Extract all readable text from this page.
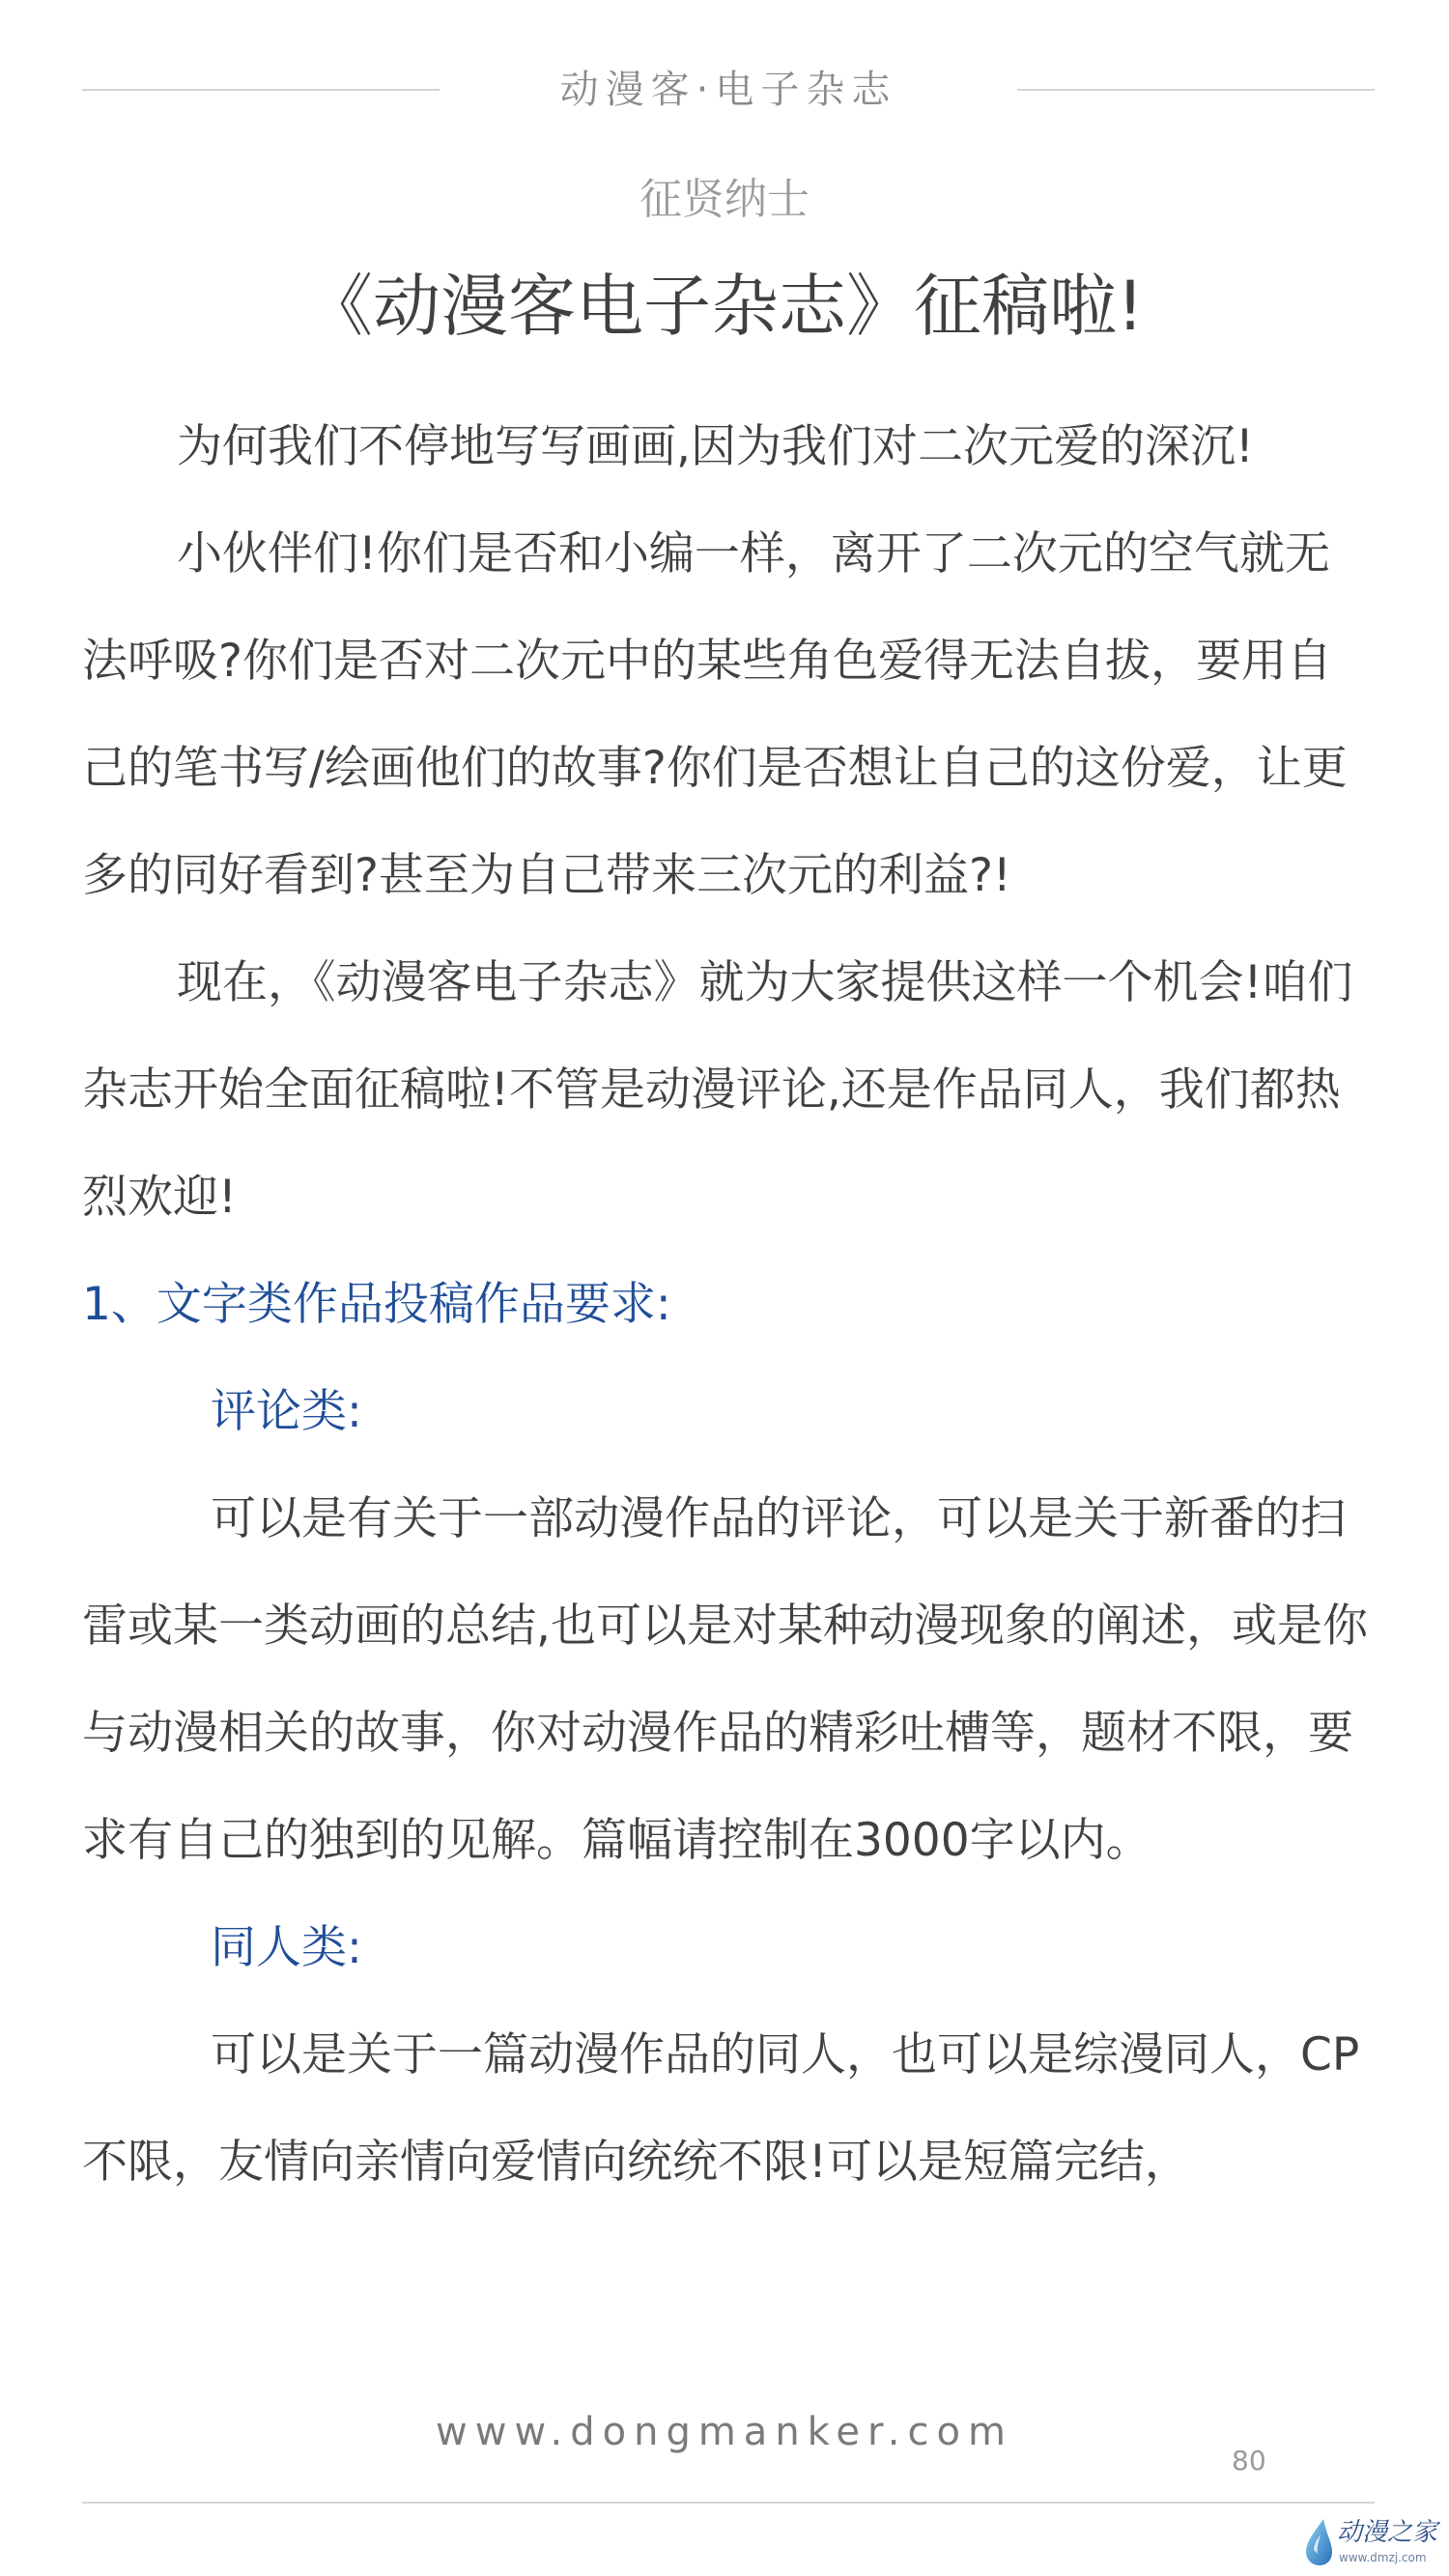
动漫客·电子杂志
征贤纳士
《动漫客电子杂志》征稿啦!

为何我们不停地写写画画,因为我们对二次元爱的深沉!

小伙伴们!你们是否和小编一样，离开了二次元的空气就无法呼吸?你们是否对二次元中的某些角色爱得无法自拔，要用自己的笔书写/绘画他们的故事?你们是否想让自己的这份爱，让更多的同好看到?甚至为自己带来三次元的利益?!

现在，《动漫客电子杂志》就为大家提供这样一个机会!咱们杂志开始全面征稿啦!不管是动漫评论,还是作品同人，我们都热烈欢迎!

1、文字类作品投稿作品要求:

评论类:

可以是有关于一部动漫作品的评论，可以是关于新番的扫雷或某一类动画的总结,也可以是对某种动漫现象的阐述，或是你与动漫相关的故事，你对动漫作品的精彩吐槽等，题材不限，要求有自己的独到的见解。篇幅请控制在3000字以内。

同人类:

可以是关于一篇动漫作品的同人，也可以是综漫同人，CP不限，友情向亲情向爱情向统统不限!可以是短篇完结，

www.dongmanker.com
80
动漫之家
www.dmzj.com
